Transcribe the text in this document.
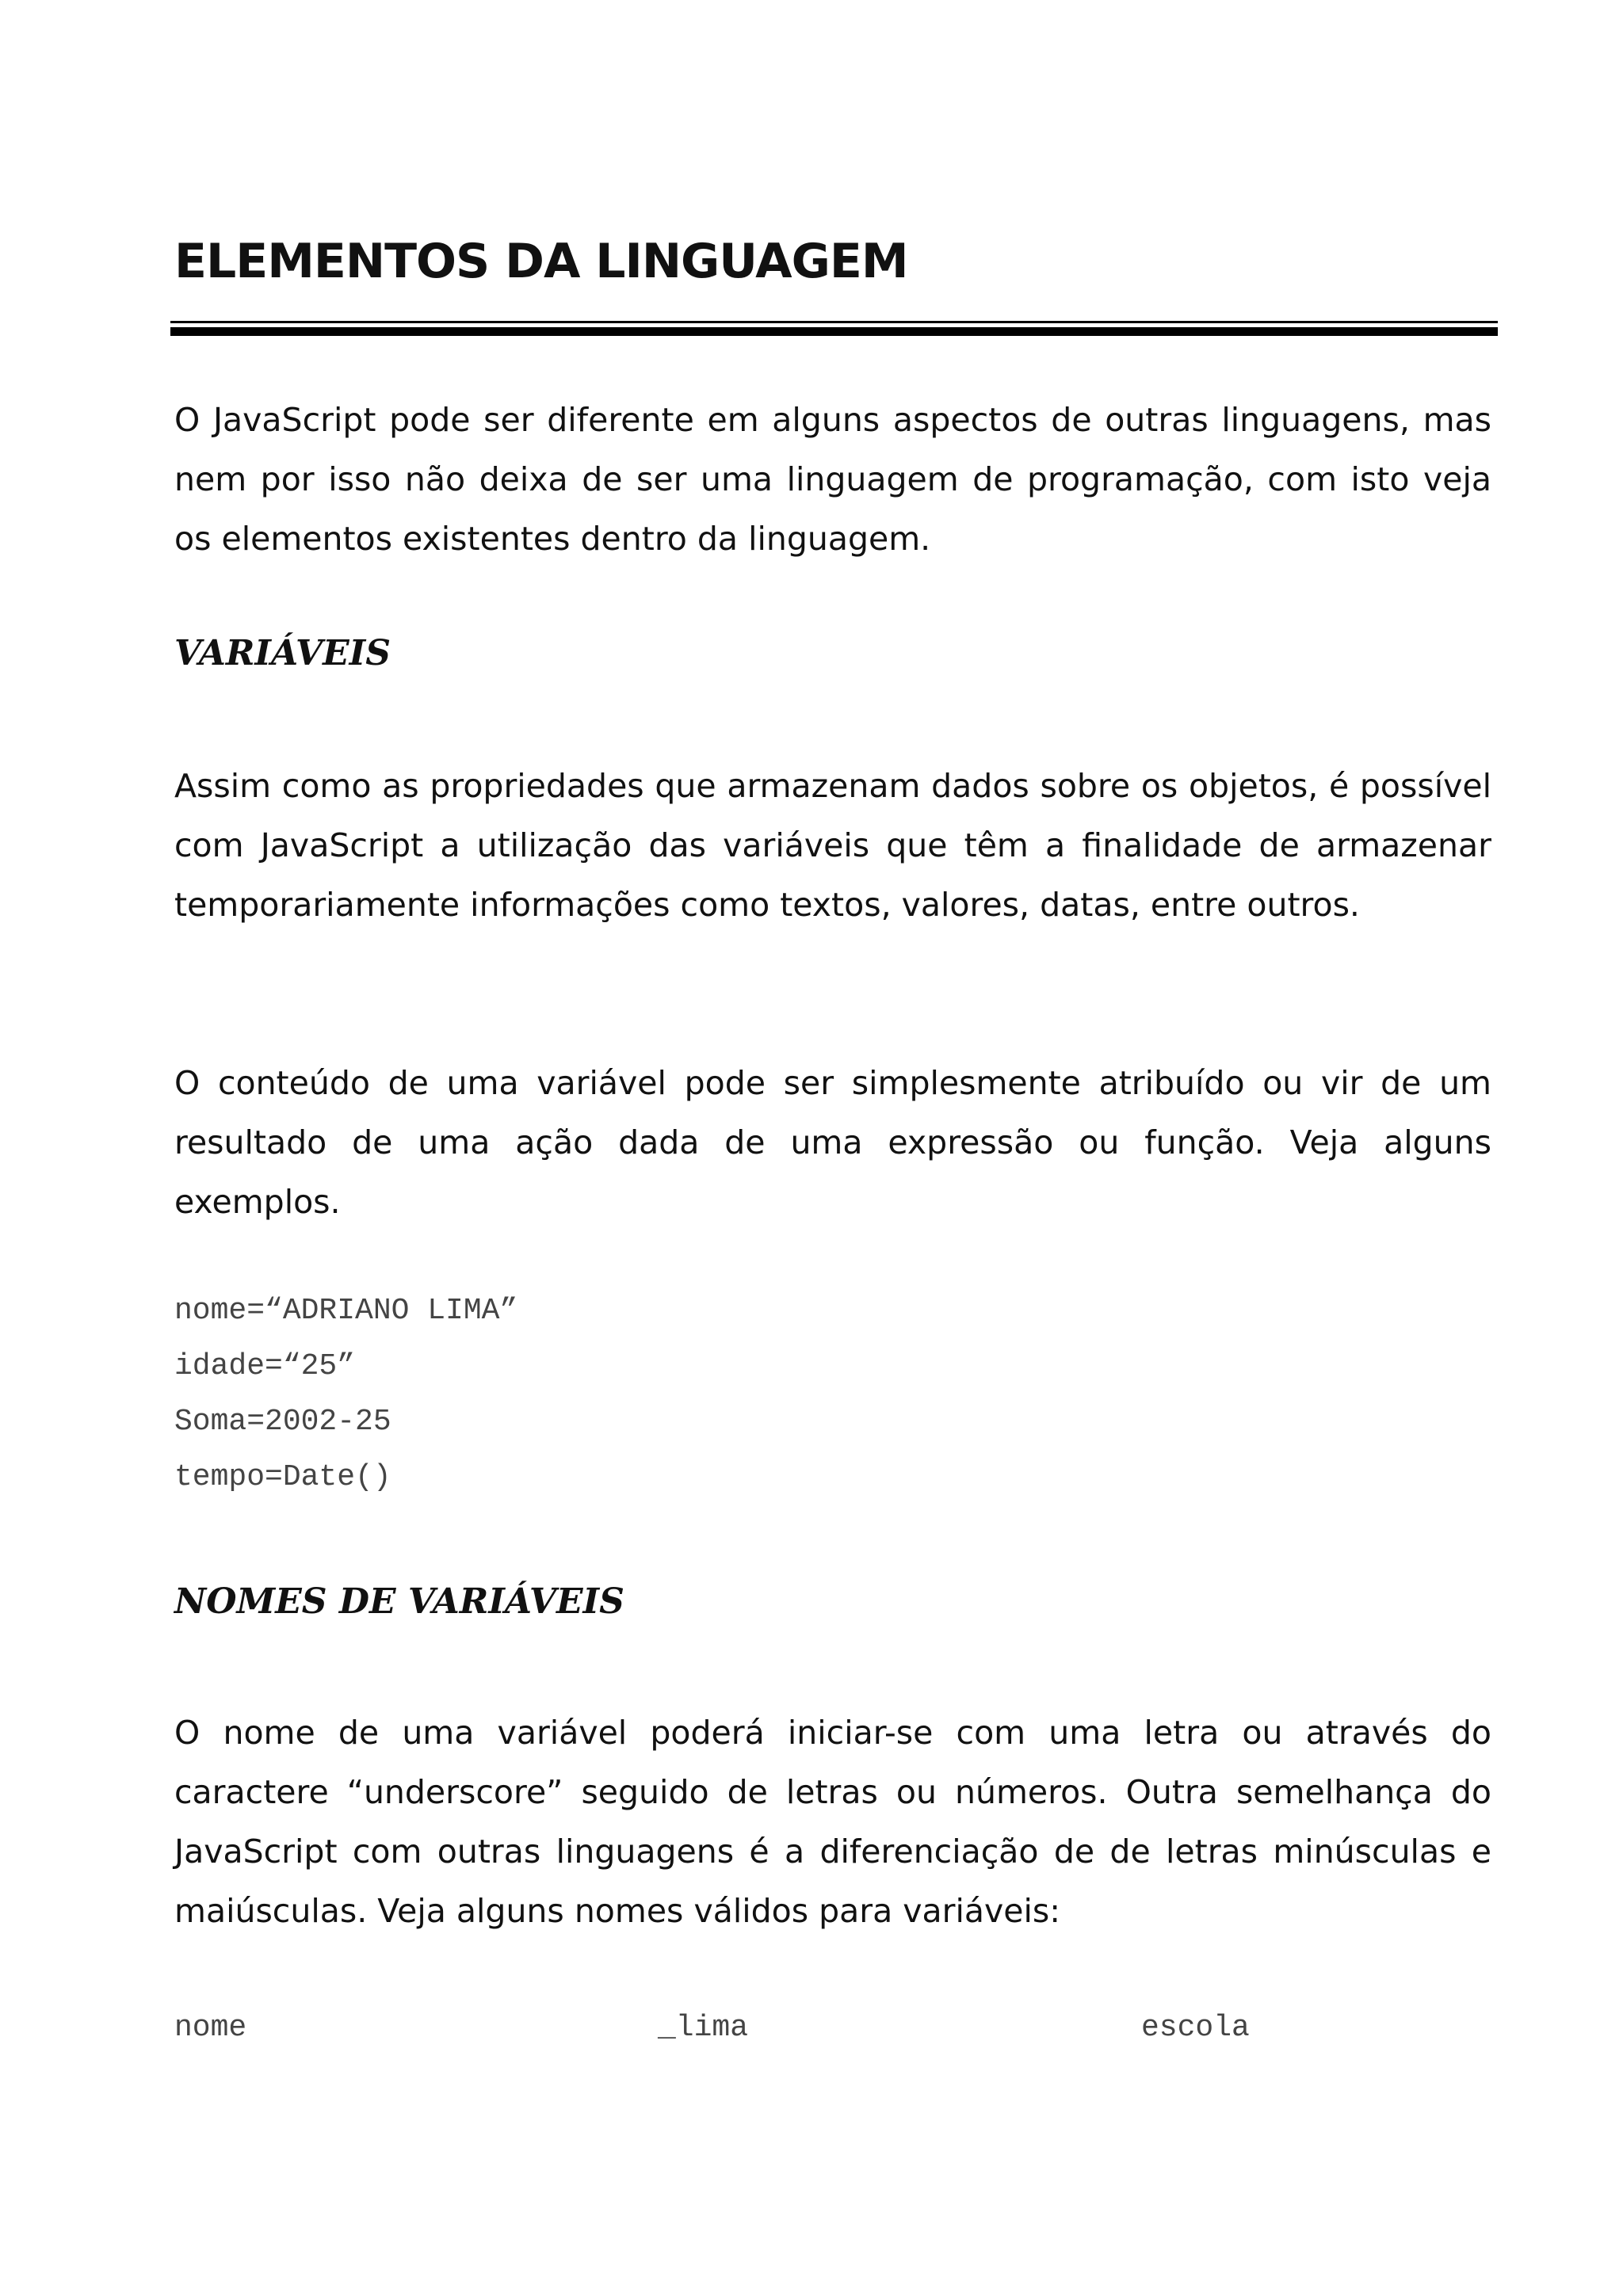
ELEMENTOS DA LINGUAGEM

O JavaScript pode ser diferente em alguns aspectos de outras linguagens, mas nem por isso não deixa de ser uma linguagem de programação, com isto veja os elementos existentes dentro da linguagem.

VARIÁVEIS

Assim como as propriedades que armazenam dados sobre os objetos, é possível com JavaScript a utilização das variáveis que têm a finalidade de armazenar temporariamente informações como textos, valores, datas, entre outros.

O conteúdo de uma variável pode ser simplesmente atribuído ou vir de um resultado de uma ação dada de uma expressão ou função. Veja alguns exemplos.

nome=“ADRIANO LIMA”
idade=“25”
Soma=2002-25
tempo=Date()
NOMES DE VARIÁVEIS

O nome de uma variável poderá iniciar-se com uma letra ou através do caractere “underscore” seguido de letras ou números. Outra semelhança do JavaScript com outras linguagens é a diferenciação de de letras minúsculas e maiúsculas. Veja alguns nomes válidos para variáveis:

nome	_lima	escola
